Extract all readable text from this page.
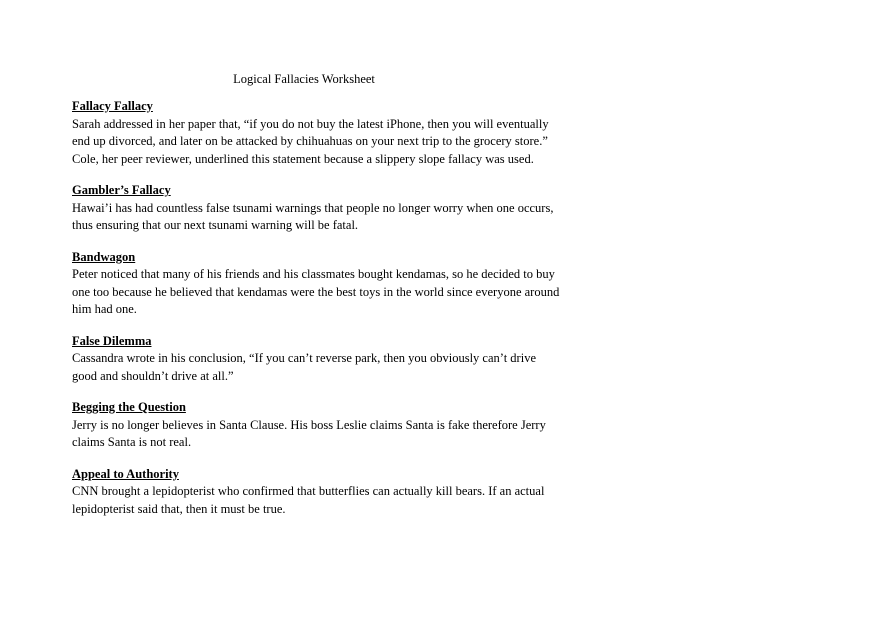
Logical Fallacies Worksheet
Fallacy Fallacy
Sarah addressed in her paper that, “if you do not buy the latest iPhone, then you will eventually
end up divorced, and later on be attacked by chihuahuas on your next trip to the grocery store.”
Cole, her peer reviewer, underlined this statement because a slippery slope fallacy was used.
Gambler’s Fallacy
Hawai’i has had countless false tsunami warnings that people no longer worry when one occurs,
thus ensuring that our next tsunami warning will be fatal.
Bandwagon
Peter noticed that many of his friends and his classmates bought kendamas, so he decided to buy
one too because he believed that kendamas were the best toys in the world since everyone around
him had one.
False Dilemma
Cassandra wrote in his conclusion, “If you can’t reverse park, then you obviously can’t drive
good and shouldn’t drive at all.”
Begging the Question
Jerry is no longer believes in Santa Clause. His boss Leslie claims Santa is fake therefore Jerry
claims Santa is not real.
Appeal to Authority
CNN brought a lepidopterist who confirmed that butterflies can actually kill bears. If an actual
lepidopterist said that, then it must be true.
